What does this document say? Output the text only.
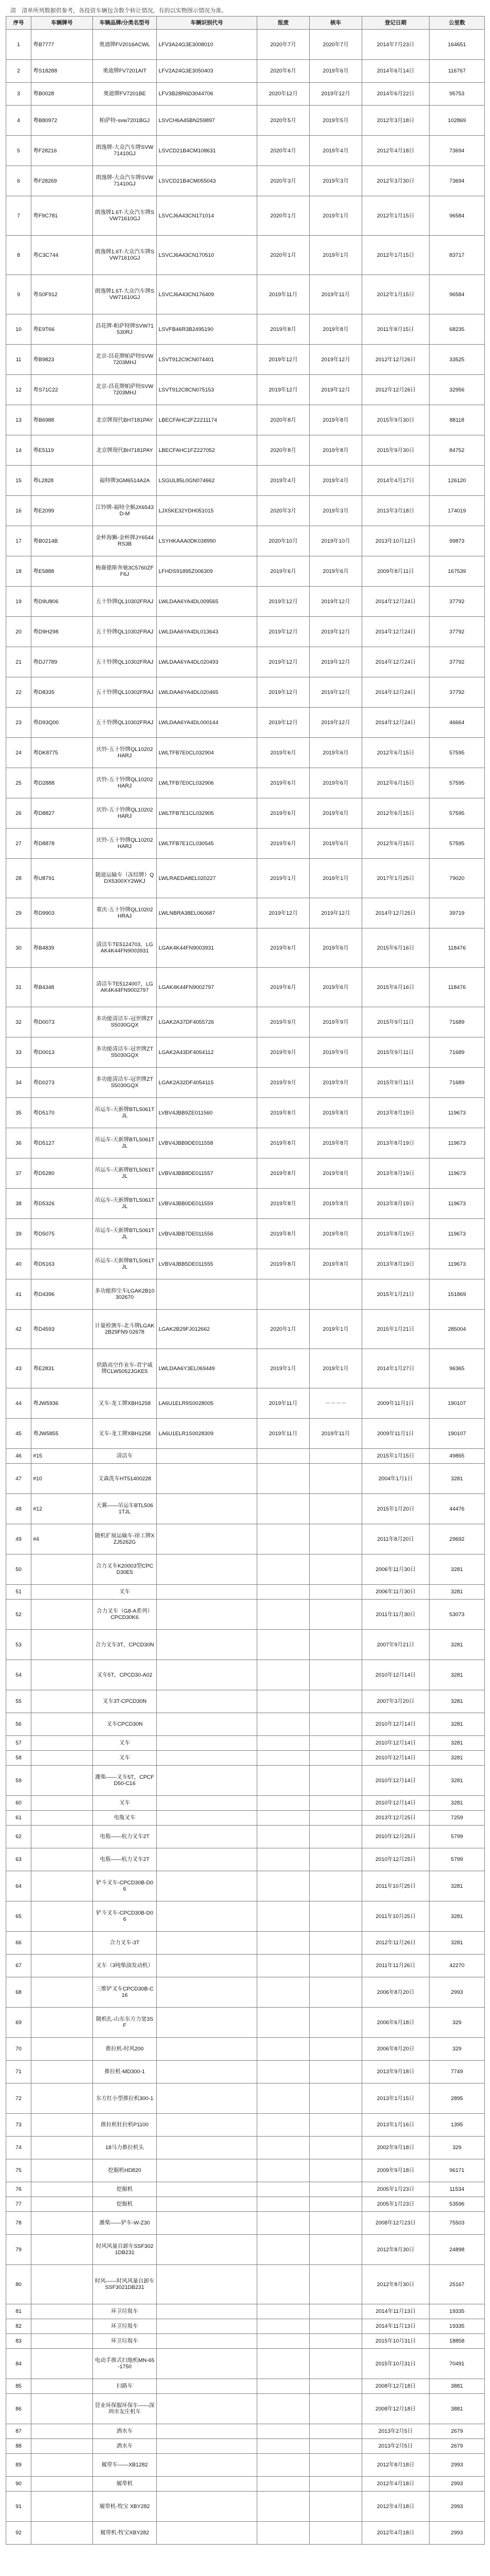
清 清单所列数据供参考，各投资车辆包含数个转让情况，有的以实物图示情况为准。
序号	车辆牌号	车辆品牌/分类名型号	车辆识别代号	报废	核车	登记日期	公里数
1	粤B7777	奥迪牌FV2016ACWL	LFV3A24G3E3008010	2020年7月	2020年7月	2014年7月23日	164651
2	粤S18288	奥迪牌FV7201AIT	LFV2A24G3E3050403	2020年6月	2019年6月	2014年6月14日	116767
3	粤B0028	奥迪牌FV7201BE	LFV3B28R6D3044706	2020年12月	2019年12月	2014年6月22日	95753
4	粤B80972	帕萨特-svw7201BGJ	LSVCH6A45BN259897	2020年5月	2019年5月	2012年3月18日	102869
5	粤F28216	朗逸牌-大众汽车牌SVW71410GJ	LSVCD21B4CM108631	2020年4月	2019年4月	2012年4月18日	73694
6	粤F28269	朗逸牌-大众汽车牌SVW71410GJ	LSVCD21B4CM055043	2020年3月	2019年3月	2012年3月30日	73694
7	粤F9C781	朗逸牌1.6T-大众汽车牌SVW71610GJ	LSVCJ6A43CN171014	2020年1月	2019年1月	2012年1月15日	96584
8	粤C3C744	朗逸牌1.6T-大众汽车牌SVW71610GJ	LSVCJ6A43CN170510	2020年1月	2019年1月	2012年1月15日	83717
9	粤S0F912	朗逸牌1.6T-大众汽车牌SVW71610GJ	LSVCJ6A43CN176409	2019年11月	2019年11月	2012年1月15日	96584
10	粤E9T66	昌花牌-帕萨特牌SVW71530RJ	LSVFB46R3B2495190	2019年8月	2019年8月	2011年8月15日	68235
11	粤B9823	北京-昌花牌帕萨特SVW7203MHJ	LSVT912C9CN074401	2019年12月	2019年12月	2012年12月26日	33525
12	粤S71C22	北京-昌花牌帕萨特SVW7203MHJ	LSVT912C8CN075153	2019年12月	2019年12月	2012年12月26日	32956
13	粤B6988	北京牌现代BH7181PAY	LBECFAHC2FZ2211174	2020年8月	2019年8月	2015年9月30日	88118
14	粤E5119	北京牌现代BH7181PAY	LBECFAHC1FZ227052	2020年8月	2019年8月	2015年9月30日	84752
15	粤L2828	福特牌3GM6514A2A	LSGUL85L0GN074662	2019年4月	2019年4月	2014年4月17日	126120
16	粤E2099	江铃牌-福特全顺JX6543D-M	LJX5KE32YDH051015	2020年3月	2019年3月	2013年3月18日	174019
17	粤B0214B	金杯海狮-金杯牌JY6544RS3B	LSYHKAAA0DK038990	2020年10月	2019年10月	2013年10月12日	99873
18	粤E5888	梅赛德斯奔驰3C5760ZFF6J	LFHDS91895Z006309	2019年6月	2019年6月	2009年8月11日	167539
19	粤D9U806	五十铃牌QL10302FRAJ	LWLDAA6YA4DL009565	2019年12月	2019年12月	2014年12月24日	37792
20	粤D9H298	五十铃牌QL10302FRAJ	LWLDAA6YA4DL013643	2019年12月	2019年12月	2014年12月24日	37792
21	粤DJ7789	五十铃牌QL10302FRAJ	LWLDAA6YA4DL020493	2019年12月	2019年12月	2014年12月24日	37792
22	粤D8335	五十铃牌QL10302FRAJ	LWLDAA6YA4DL020465	2019年12月	2019年12月	2014年12月24日	37792
23	粤D93Q00	五十铃牌QL10302FRAJ	LWLDAA6YA4DL000144	2019年12月	2019年12月	2014年12月24日	46664
24	粤DK8775	庆铃-五十铃牌QL10202HARJ	LWLTFB7E0CL032904	2019年6月	2019年6月	2012年6月15日	57595
25	粤D2888	庆铃-五十铃牌QL10202HARJ	LWLTFB7E0CL032906	2019年6月	2019年6月	2012年6月15日	57595
26	粤D8827	庆铃-五十铃牌QL10202HARJ	LWLTFB7E1CL032905	2019年6月	2019年6月	2012年6月15日	57595
27	粤D8878	庆铃-五十铃牌QL10202HARJ	LWLTFB7E1CL030545	2019年6月	2019年6月	2012年6月15日	57595
28	粤U8791	随迪运输车（冻结牌）QDX5300XY2WKJ	LWLRAEDA8EL020227	2019年1月	2019年1月	2017年1月25日	79020
29	粤D9903	重庆-五十铃牌QL10202HRAJ	LWLNBRA38EL060687	2019年12月	2019年12月	2014年12月25日	39719
30	粤B4839	清洁车TE5124703，LGAK4K44FN9003931	LGAK4K44FN9003931	2019年6月	2019年6月	2015年6月16日	118476
31	粤B4348	清洁车TE5124007，LGAK4K44FN9002797	LGAK4K44FN9002797	2019年6月	2019年6月	2015年6月16日	118476
32	粤D0073	多功能清洁车-冠世牌ZTS5030GQX	LGAK2A37DF4055726	2019年9月	2019年9月	2015年9月11日	71689
33	粤D0013	多功能清洁车-冠世牌ZTS5030GQX	LGAK2A43DF4054112	2019年9月	2019年9月	2015年9月11日	71689
34	粤D0273	多功能清洁车-冠世牌ZTS5030GQX	LGAK2A32DF4054115	2019年9月	2019年9月	2015年9月11日	71689
35	粤D5170	吊运车-天新牌BTL5061TJL	LVBV4JBB9ZE011560	2019年8月	2019年8月	2013年8月19日	119673
36	粤D5127	吊运车-天新牌BTL5061TJL	LVBV4JBB9DE011558	2019年8月	2019年8月	2013年8月19日	119673
37	粤D5280	吊运车-天新牌BTL5061TJL	LVBV4JBB8DE011557	2019年8月	2019年8月	2013年8月19日	119673
38	粤D5326	吊运车-天新牌BTL5061TJL	LVBV4JBB0DE011559	2019年8月	2019年8月	2013年8月19日	119673
39	粤D5075	吊运车-天新牌BTL5061TJL	LVBV4JBB7DE011556	2019年8月	2019年8月	2013年8月19日	119673
40	粤D5163	吊运车-天新牌BTL5061TJL	LVBV4JBB5DE011555	2019年8月	2019年8月	2013年8月19日	119673
41	粤D4396	多功能抑尘车LGAK2B10302670				2015年1月21日	151869
42	粤D4593	计量检测车-北斗牌LGAK2B29FN9 02678	LGAK2B29FJ012662	2020年1月	2019年1月	2015年1月21日	285004
43	粤E2831	供路高空作业车-君宇威牌CLW5052JGKE5	LWLDAA6Y3EL069449	2019年1月	2019年1月	2014年1月27日	96365
44	粤JW5936	叉车-龙工牌XBH1258	LA6U1ELR9S0028005	2019年11月	－－－－	2009年11月1日	190107
45	粤JW5855	叉车-龙工牌XBH1258	LA6U1ELR1S0028309	2019年11月	2019年11月	2009年11月1日	190107
46	#15	清洁车				2015年1月15日	49865
47	#10	文森洗车HT51400228				2004年1月1日	3281
48	#12	天翼——吊运车BTL5061TJL				2015年1月20日	44476
49	#4	随机扩展运输车-徐工牌XZJ5262G				2011年8月20日	29692
50		合力叉车K20003型CPCD30E5				2006年11月30日	3281
51		叉车				2006年11月30日	3281
52		合力叉车（G8-A系列）CPCD30K6				2011年11月30日	53073
53		合力叉车3T，CPCD30N				2007年9月21日	3281
54		叉车5T，CPCD30-A02				2010年12月14日	3281
55		叉车3T-CPCD30N				2007年3月20日	3281
56		叉车CPCD30N				2010年12月14日	3281
57		叉车				2010年12月14日	3281
58		叉车				2010年12月14日	3281
59		潍柴——叉车5T，CPCFD50-C16				2010年12月14日	3281
60		叉车				2010年12月14日	3281
61		电瓶叉车				2013年12月25日	7259
62		电瓶——杭力叉车2T				2010年12月25日	5799
63		电瓶——杭力叉车2T				2010年12月25日	5799
64		铲斗叉车-CPCD30B-D06				2011年10月25日	3281
65		铲斗叉车-CPCD30B-D06				2011年10月25日	3281
66		合力叉车-3T				2012年11月26日	3281
67		叉车（3吨柴油发动机）				2011年11月26日	42270
68		三维铲叉车CPCD30B-C16				2006年8月20日	2993
69		随机扎-山东东方力宽3SF				2006年6月18日	329
70		推拉机-时风200				2006年8月20日	329
71		推拉机-MD300-1				2013年9月18日	7749
72		东方红小型推拉机300-1				2013年1月15日	2895
73		推拉机牡拉机P1100				2013年1月16日	1395
74		18马力推拉机头				2002年9月18日	329
75		挖掘机HD820				2009年9月18日	96171
76		挖掘机				2005年1月23日	11534
77		挖掘机				2005年1月23日	53596
78		潍柴——铲车-W-Z30				2008年12月23日	75503
79		时风风量自卸车SSF3021DB231				2012年8月30日	24898
80		时风——时风风量自卸车SSF3021DB231				2012年8月30日	25167
81		环卫垃圾车				2014年11月13日	19335
82		环卫垃圾车				2014年11月13日	19335
83		环卫垃圾车				2015年10月31日	18858
84		电动手推式扫地机MN-65-1750				2015年10月31日	70491
85		扫路车				2008年12月18日	3881
86		营业环保服环保车——深圳市友庄机车				2008年12月18日	3881
87		洒水车				2013年2月5日	2679
88		洒水车				2013年2月5日	2679
89		履带车——XB1282				2012年8月18日	2993
90		履带机				2012年4月18日	2993
91		履带机-牧宝 XBY282				2012年4月18日	2993
92		履带机-牧宝XBY282				2012年4月18日	2993
